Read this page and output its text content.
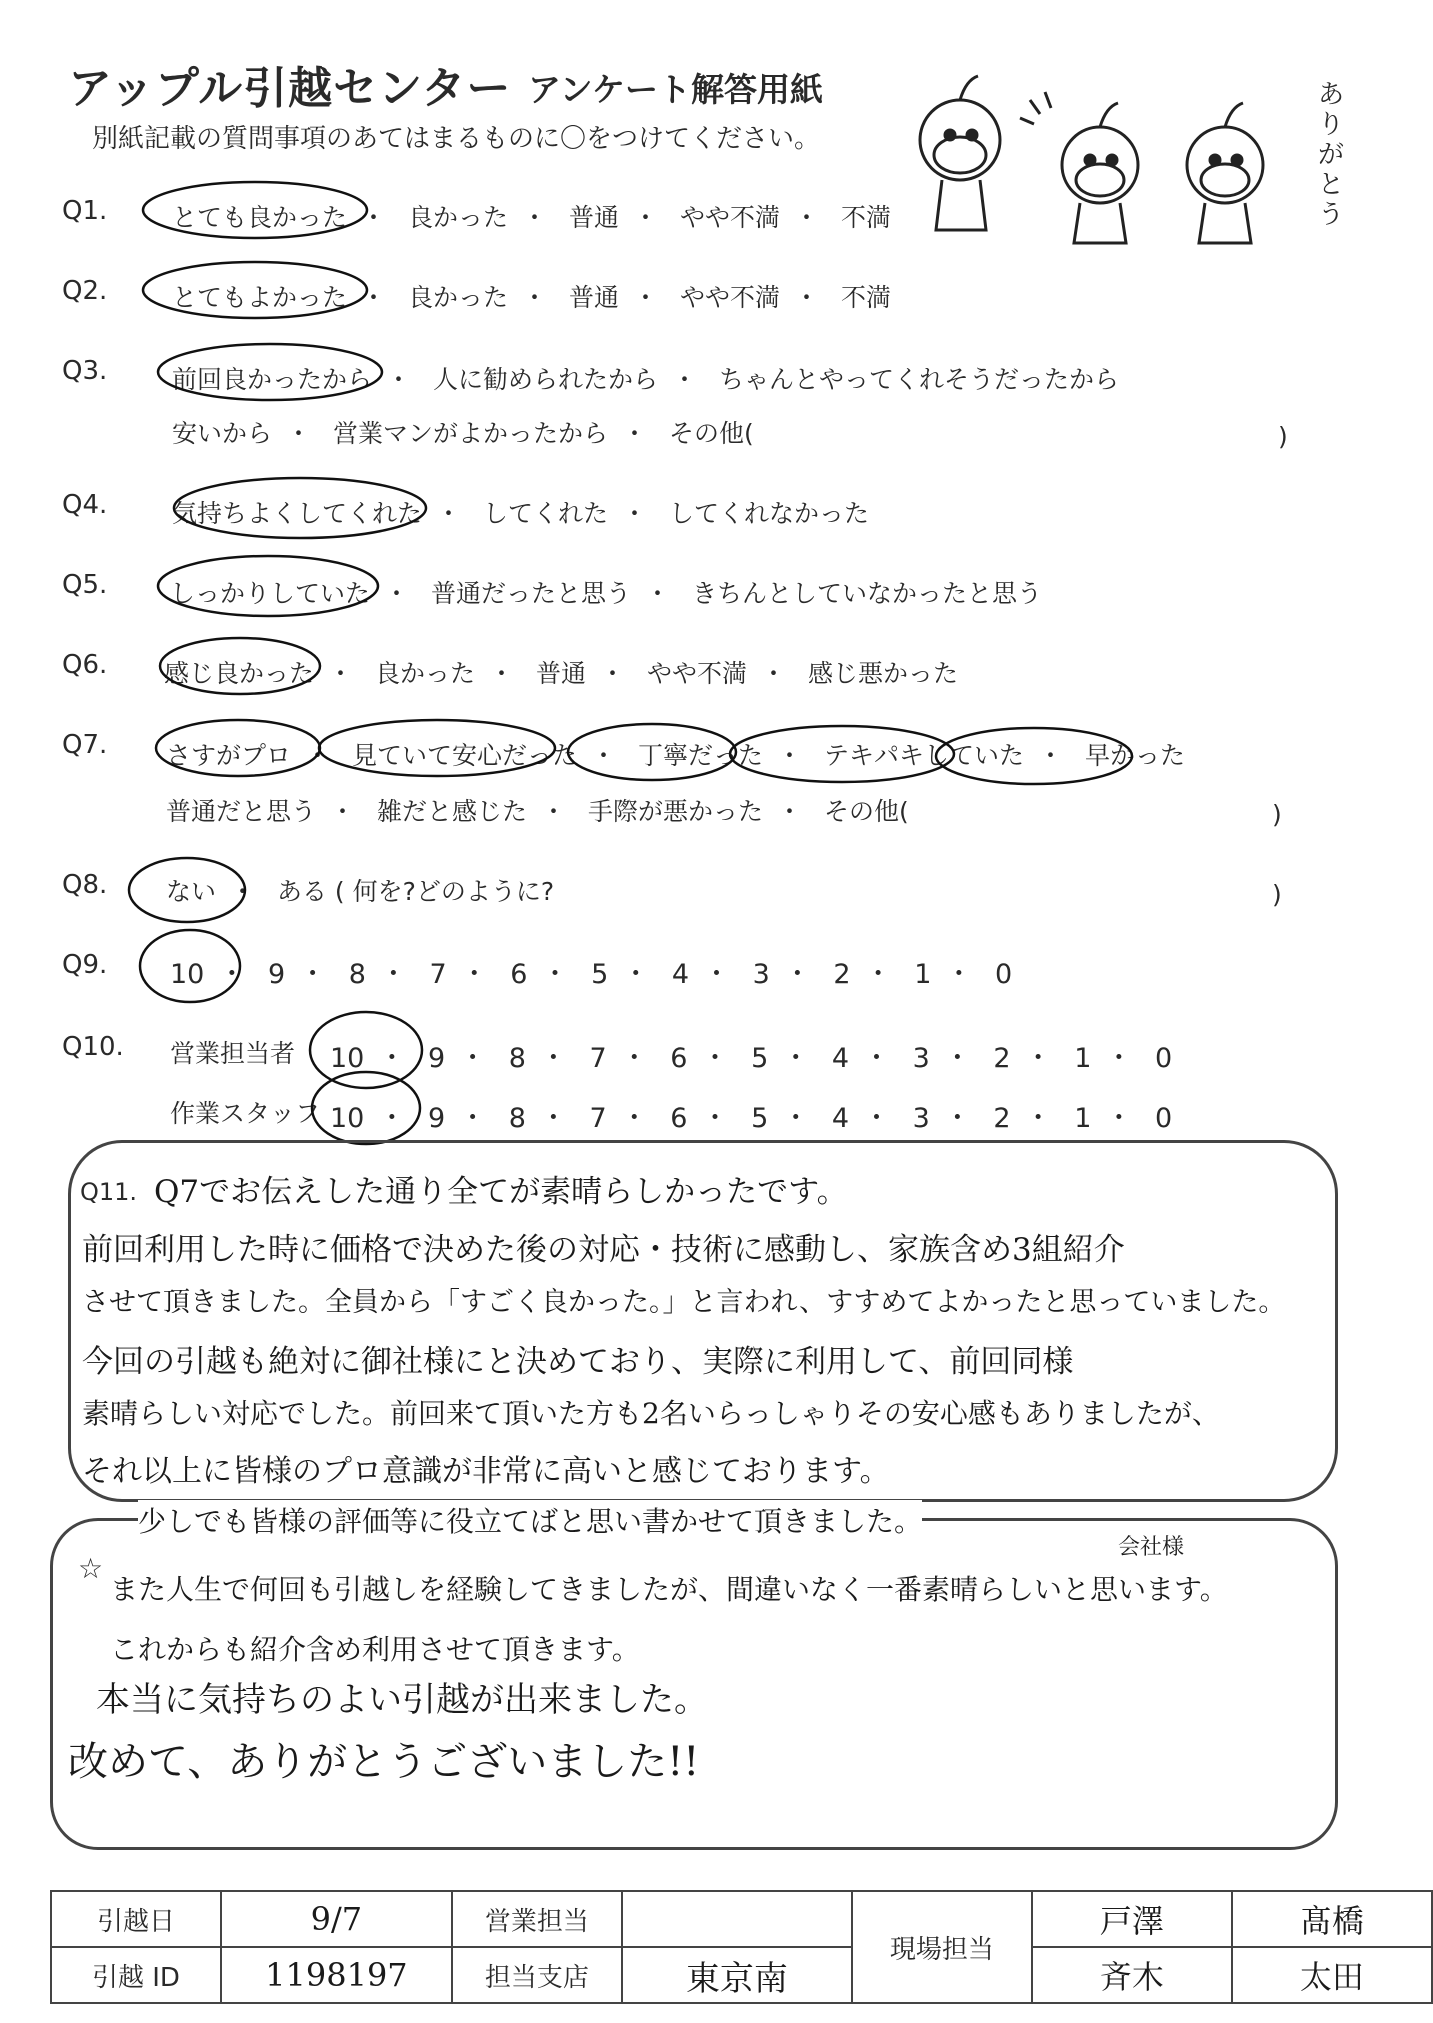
アップル引越センター アンケート解答用紙
別紙記載の質問事項のあてはまるものに〇をつけてください。
ありがとう
Q1.	とても良かった ・ 良かった ・ 普通 ・ やや不満 ・ 不満
Q2.	とてもよかった ・ 良かった ・ 普通 ・ やや不満 ・ 不満
Q3.	前回良かったから ・ 人に勧められたから ・ ちゃんとやってくれそうだったから
安いから ・ 営業マンがよかったから ・ その他(	)
Q4.	気持ちよくしてくれた ・ してくれた ・ してくれなかった
Q5.	しっかりしていた ・ 普通だったと思う ・ きちんとしていなかったと思う
Q6. 感じ良かった ・ 良かった ・ 普通 ・ やや不満 ・ 感じ悪かった
Q7. さすがプロ ・ 見ていて安心だった ・ 丁寧だった ・ テキパキしていた ・ 早かった
普通だと思う ・ 雑だと感じた ・ 手際が悪かった ・ その他(	)
Q8. ない ・ ある ( 何を?どのように?	)
Q9. 10 ・ 9 ・ 8 ・ 7 ・ 6 ・ 5 ・ 4 ・ 3 ・ 2 ・ 1 ・ 0
Q10. 営業担当者 10 ・ 9 ・ 8 ・ 7 ・ 6 ・ 5 ・ 4 ・ 3 ・ 2 ・ 1 ・ 0
作業スタッフ 10 ・ 9 ・ 8 ・ 7 ・ 6 ・ 5 ・ 4 ・ 3 ・ 2 ・ 1 ・ 0
Q11. Q7でお伝えした通り全てが素晴らしかったです。
前回利用した時に価格で決めた後の対応・技術に感動し、家族含め3組紹介
させて頂きました。全員から「すごく良かった。」と言われ、すすめてよかったと思っていました。
今回の引越も絶対に御社様にと決めており、実際に利用して、前回同様
素晴らしい対応でした。前回来て頂いた方も2名いらっしゃりその安心感もありましたが、
それ以上に皆様のプロ意識が非常に高いと感じております。
少しでも皆様の評価等に役立てばと思い書かせて頂きました。
☆
会社様
また人生で何回も引越しを経験してきましたが、間違いなく一番素晴らしいと思います。
これからも紹介含め利用させて頂きます。
本当に気持ちのよい引越が出来ました。
改めて、ありがとうございました!!
引越日	9/7	営業担当		現場担当	戸澤	髙橋
引越 ID	1198197	担当支店	東京南		斉木	太田
